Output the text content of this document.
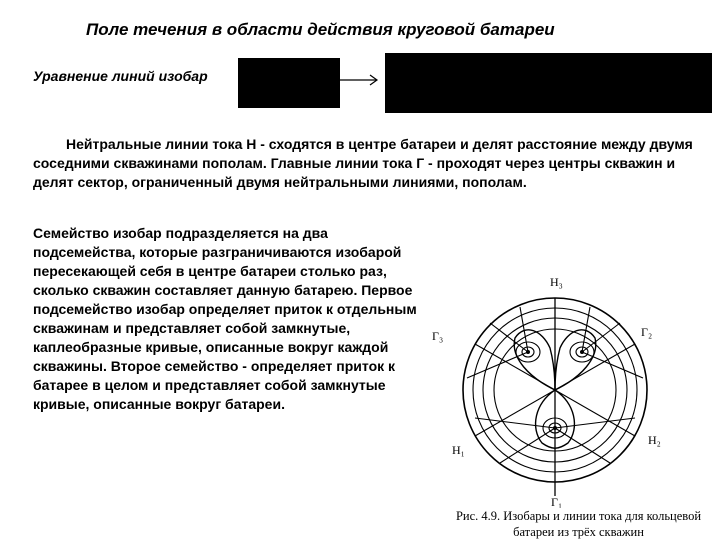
Поле течения в области действия круговой батареи
Уравнение линий изобар
Нейтральные линии тока Н - сходятся в центре батареи и делят расстояние между двумя соседними скважинами пополам. Главные линии тока Г - проходят через центры скважин и делят сектор, ограниченный двумя нейтральными линиями, пополам.
Семейство изобар подразделяется на два подсемейства, которые разграничиваются изобарой пересекающей себя в центре батареи столько раз, сколько скважин составляет данную батарею. Первое подсемейство изобар определяет приток к отдельным скважинам и представляет собой замкнутые, каплеобразные кривые, описанные вокруг каждой скважины. Второе семейство - определяет приток к батарее в целом и представляет собой замкнутые кривые, описанные вокруг батареи.
Н₃
Г₃	Г₂
Н₁
Н₂
Г₁
Рис. 4.9. Изобары и линии тока для кольцевой батареи из трёх скважин
